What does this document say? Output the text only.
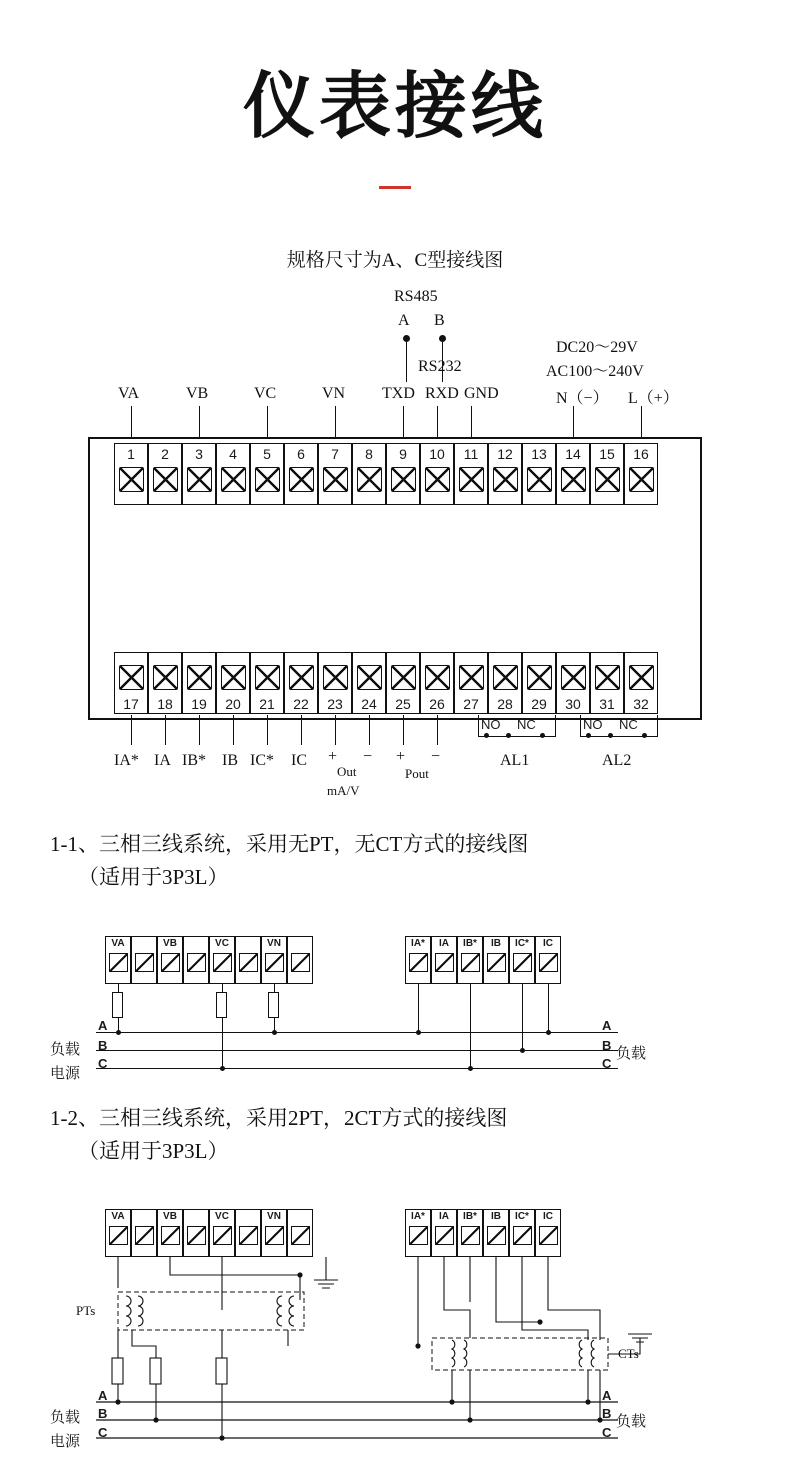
仪表接线
规格尺寸为A、C型接线图
VA	VB	VC	VN TXD RXD GND
RS485
A B
RS232
DC20～29V
AC100～240V
N（−） L（+）
1	2	3	4	5	6	7	8	9	10	11	12	13	14	15	16
17	18	19	20	21	22	23	24	25	26	27	28	29	30	31	32
IA* IA IB* IB IC* IC + −
Out
mA/V
+ −
Pout
NO NC
AL1
NO NC
AL2
1-1、三相三线系统，采用无PT，无CT方式的接线图
（适用于3P3L）
VA	VB	VC	VN	IA*	IA	IB*	IB	IC*	IC
A
B
C
A
B
C
负载
电源
负载
1-2、三相三线系统，采用2PT，2CT方式的接线图
（适用于3P3L）
VA	VB	VC	VN	IA*	IA	IB*	IB	IC*	IC
PTs
CTs
A
B
C
A
B
C
负载
电源
负载
